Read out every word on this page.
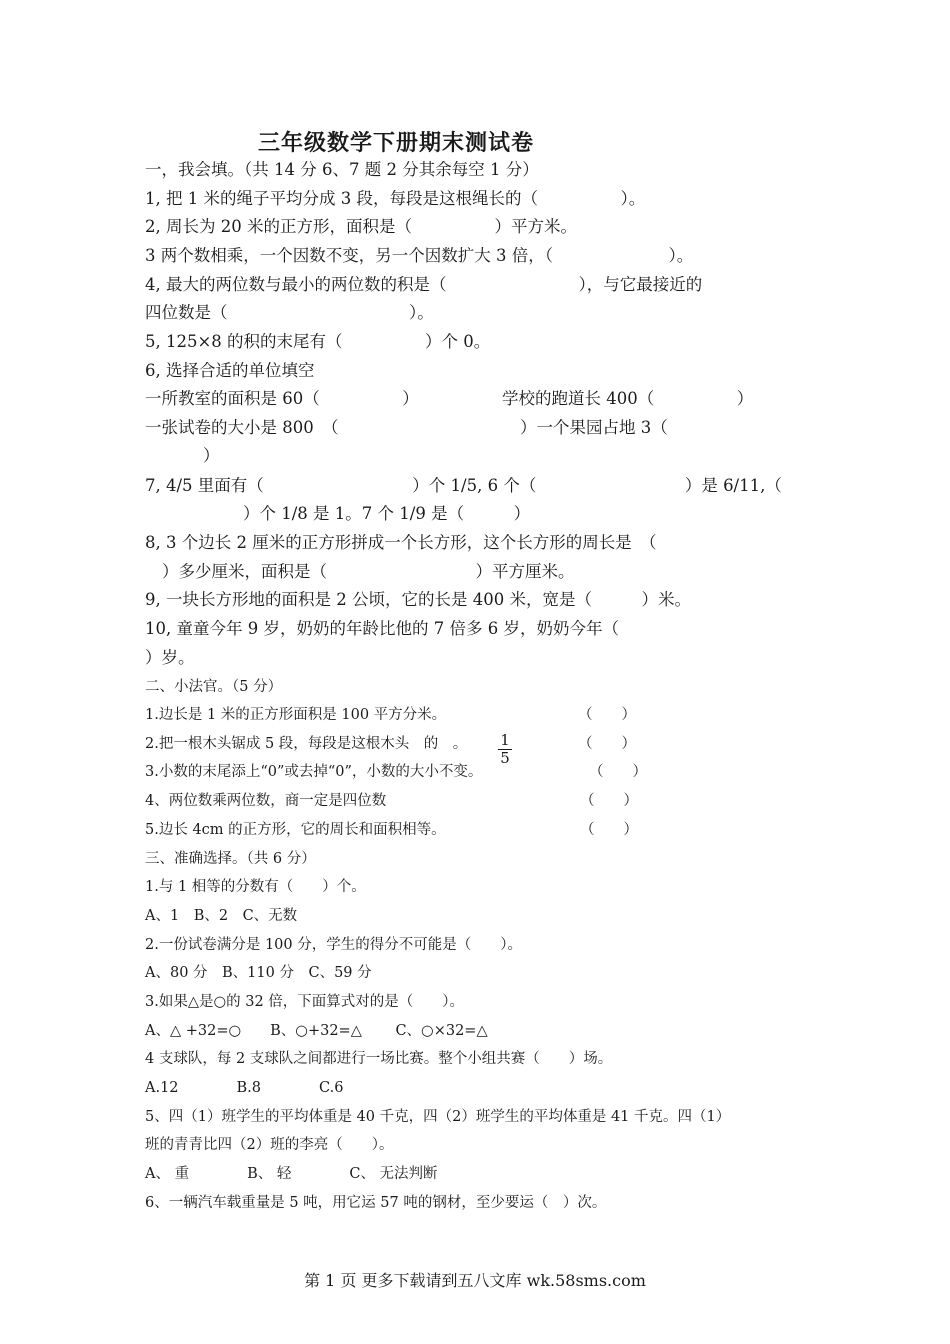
三年级数学下册期末测试卷
一，我会填。（共 14 分 6、7 题 2 分其余每空 1 分）
1, 把 1 米的绳子平均分成 3 段，每段是这根绳长的（　　　　　）。
2, 周长为 20 米的正方形，面积是（　　　　　）平方米。
3 两个数相乘，一个因数不变，另一个因数扩大 3 倍，（　　　　　　　）。
4, 最大的两位数与最小的两位数的积是（　　　　　　　　），与它最接近的
四位数是（　　　　　　　　　　　）。
5, 125×8 的积的末尾有（　　　　　）个 0。
6, 选择合适的单位填空
一所教室的面积是 60（　　　　　）	学校的跑道长 400（　　　　　）
一张试卷的大小是 800　（　　　　　　　　　　　）一个果园占地 3（
）
7, 4/5 里面有（　　　　　　　　　）个 1/5, 6 个（　　　　　　　　　）是 6/11,（
）个 1/8 是 1。7 个 1/9 是（　　　）
8, 3 个边长 2 厘米的正方形拼成一个长方形，这个长方形的周长是　（
）多少厘米，面积是（　　　　　　　　　）平方厘米。
9, 一块长方形地的面积是 2 公顷，它的长是 400 米，宽是（　　　）米。
10, 童童今年 9 岁，奶奶的年龄比他的 7 倍多 6 岁，奶奶今年（
）岁。
二、小法官。（5 分）
1.边长是 1 米的正方形面积是 100 平方分米。	（　　）
2.把一根木头锯成 5 段，每段是这根木头　的　。 $\frac{1}{5}$	（　　）
3.小数的末尾添上“0”或去掉“0”，小数的大小不变。	（　　）
4、两位数乘两位数，商一定是四位数	（　　）
5.边长 4cm 的正方形，它的周长和面积相等。	（　　）
三、准确选择。（共 6 分）
1.与 1 相等的分数有（　　）个。
A、1　B、2　C、无数
2.一份试卷满分是 100 分，学生的得分不可能是（　　）。
A、80 分　B、110 分　C、59 分
3.如果△是○的 32 倍，下面算式对的是（　　）。
A、△ +32=○　　B、○+32=△　　 C、○×32=△
4 支球队，每 2 支球队之间都进行一场比赛。整个小组共赛（　　）场。
A.12　　　　B.8　　　　C.6
5、四（1）班学生的平均体重是 40 千克，四（2）班学生的平均体重是 41 千克。四（1）
班的青青比四（2）班的李亮（　　）。
A、 重　　　　B、 轻　　　　C、 无法判断
6、一辆汽车载重量是 5 吨，用它运 57 吨的钢材，至少要运（　）次。
第 1 页 更多下载请到五八文库 wk.58sms.com
